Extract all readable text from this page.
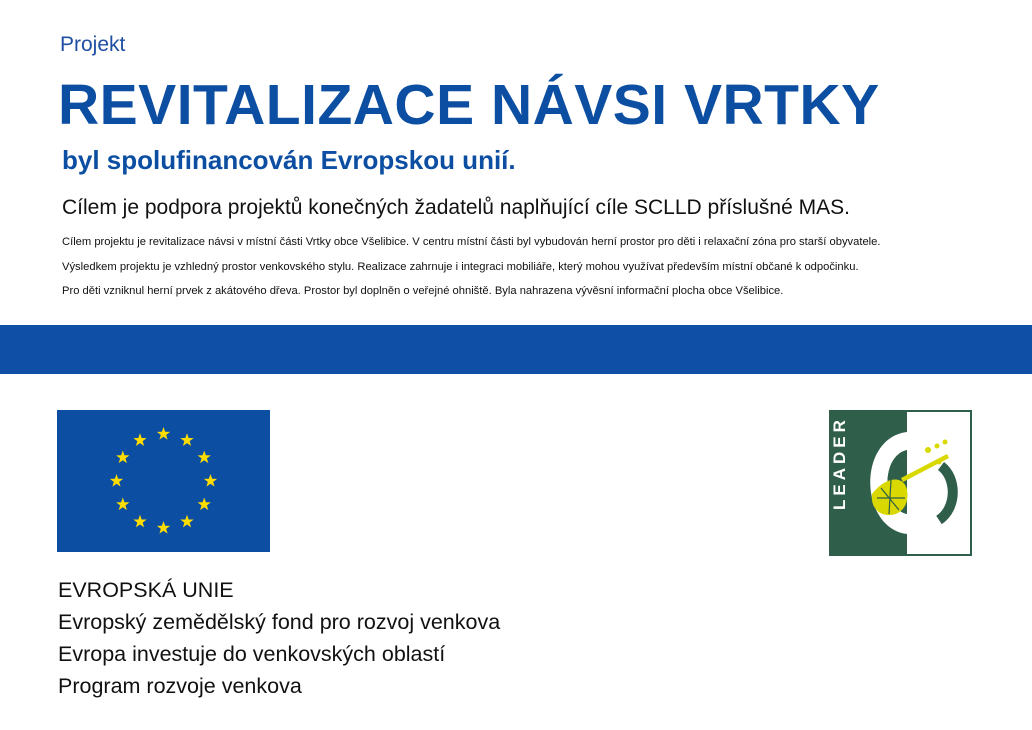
Projekt
REVITALIZACE NÁVSI VRTKY
byl spolufinancován Evropskou unií.
Cílem je podpora projektů konečných žadatelů naplňující cíle SCLLD příslušné MAS.
Cílem projektu je revitalizace návsi v místní části Vrtky obce Všelibice. V centru místní části byl vybudován herní prostor pro děti i relaxační zóna pro starší obyvatele.
Výsledkem projektu je vzhledný prostor venkovského stylu. Realizace zahrnuje i integraci mobiliáře, který mohou využívat především místní občané k odpočinku.
Pro děti vzniknul herní prvek z akátového dřeva. Prostor byl doplněn o veřejné ohniště. Byla nahrazena vývěsní informační plocha obce Všelibice.
LEADER
EVROPSKÁ UNIE
Evropský zemědělský fond pro rozvoj venkova
Evropa investuje do venkovských oblastí
Program rozvoje venkova
